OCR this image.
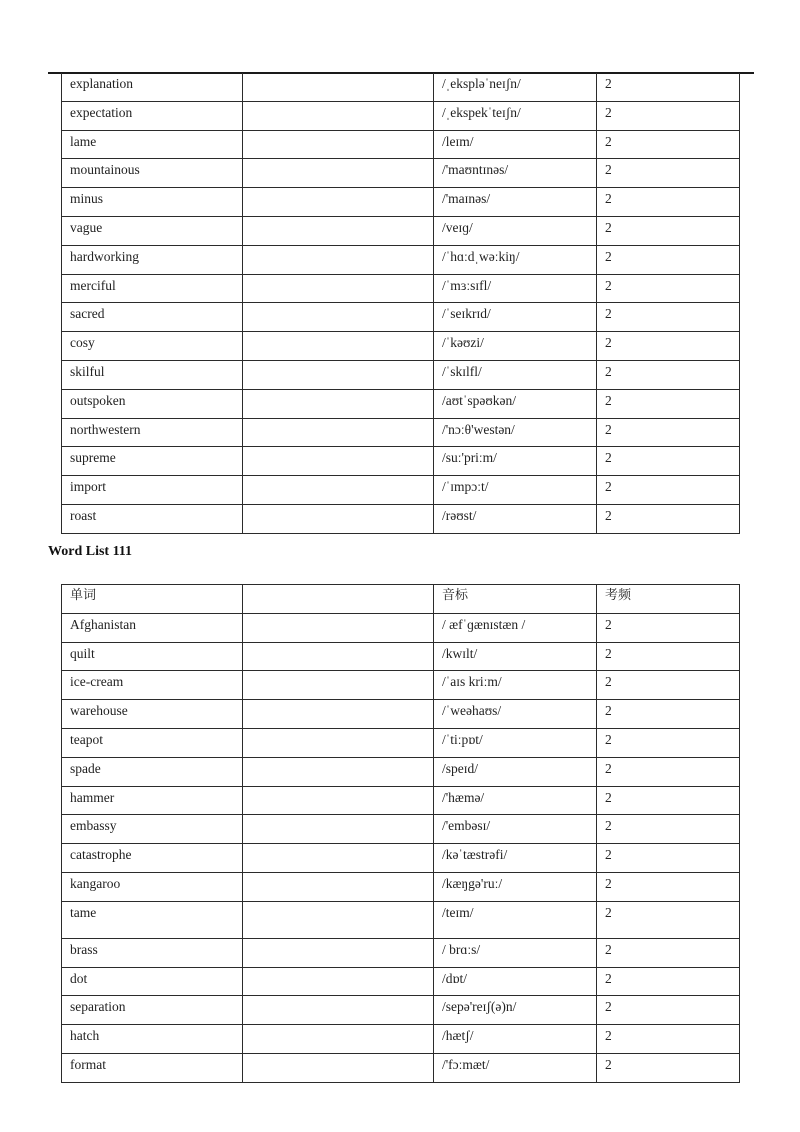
explanation		/ˌekspləˈneɪʃn/	2
expectation		/ˌekspekˈteɪʃn/	2
lame		/leɪm/	2
mountainous		/'maʊntɪnəs/	2
minus		/'maɪnəs/	2
vague		/veɪɡ/	2
hardworking		/ˈhɑːdˌwəːkiŋ/	2
merciful		/ˈmɜːsɪfl/	2
sacred		/ˈseɪkrɪd/	2
cosy		/ˈkəʊzi/	2
skilful		/ˈskɪlfl/	2
outspoken		/aʊtˈspəʊkən/	2
northwestern		/'nɔːθ'westən/	2
supreme		/suː'priːm/	2
import		/ˈɪmpɔːt/	2
roast		/rəʊst/	2
Word List 111
单词		音标	考频
Afghanistan		/ æfˈɡænɪstæn /	2
quilt		/kwɪlt/	2
ice-cream		/ˈaɪs kriːm/	2
warehouse		/ˈweəhaʊs/	2
teapot		/ˈtiːpɒt/	2
spade		/speɪd/	2
hammer		/'hæmə/	2
embassy		/'embəsɪ/	2
catastrophe		/kəˈtæstrəfi/	2
kangaroo		/kæŋgə'ruː/	2
tame		/teɪm/	2
brass		/ brɑːs/	2
dot		/dɒt/	2
separation		/sepə'reɪʃ(ə)n/	2
hatch		/hætʃ/	2
format		/'fɔːmæt/	2
